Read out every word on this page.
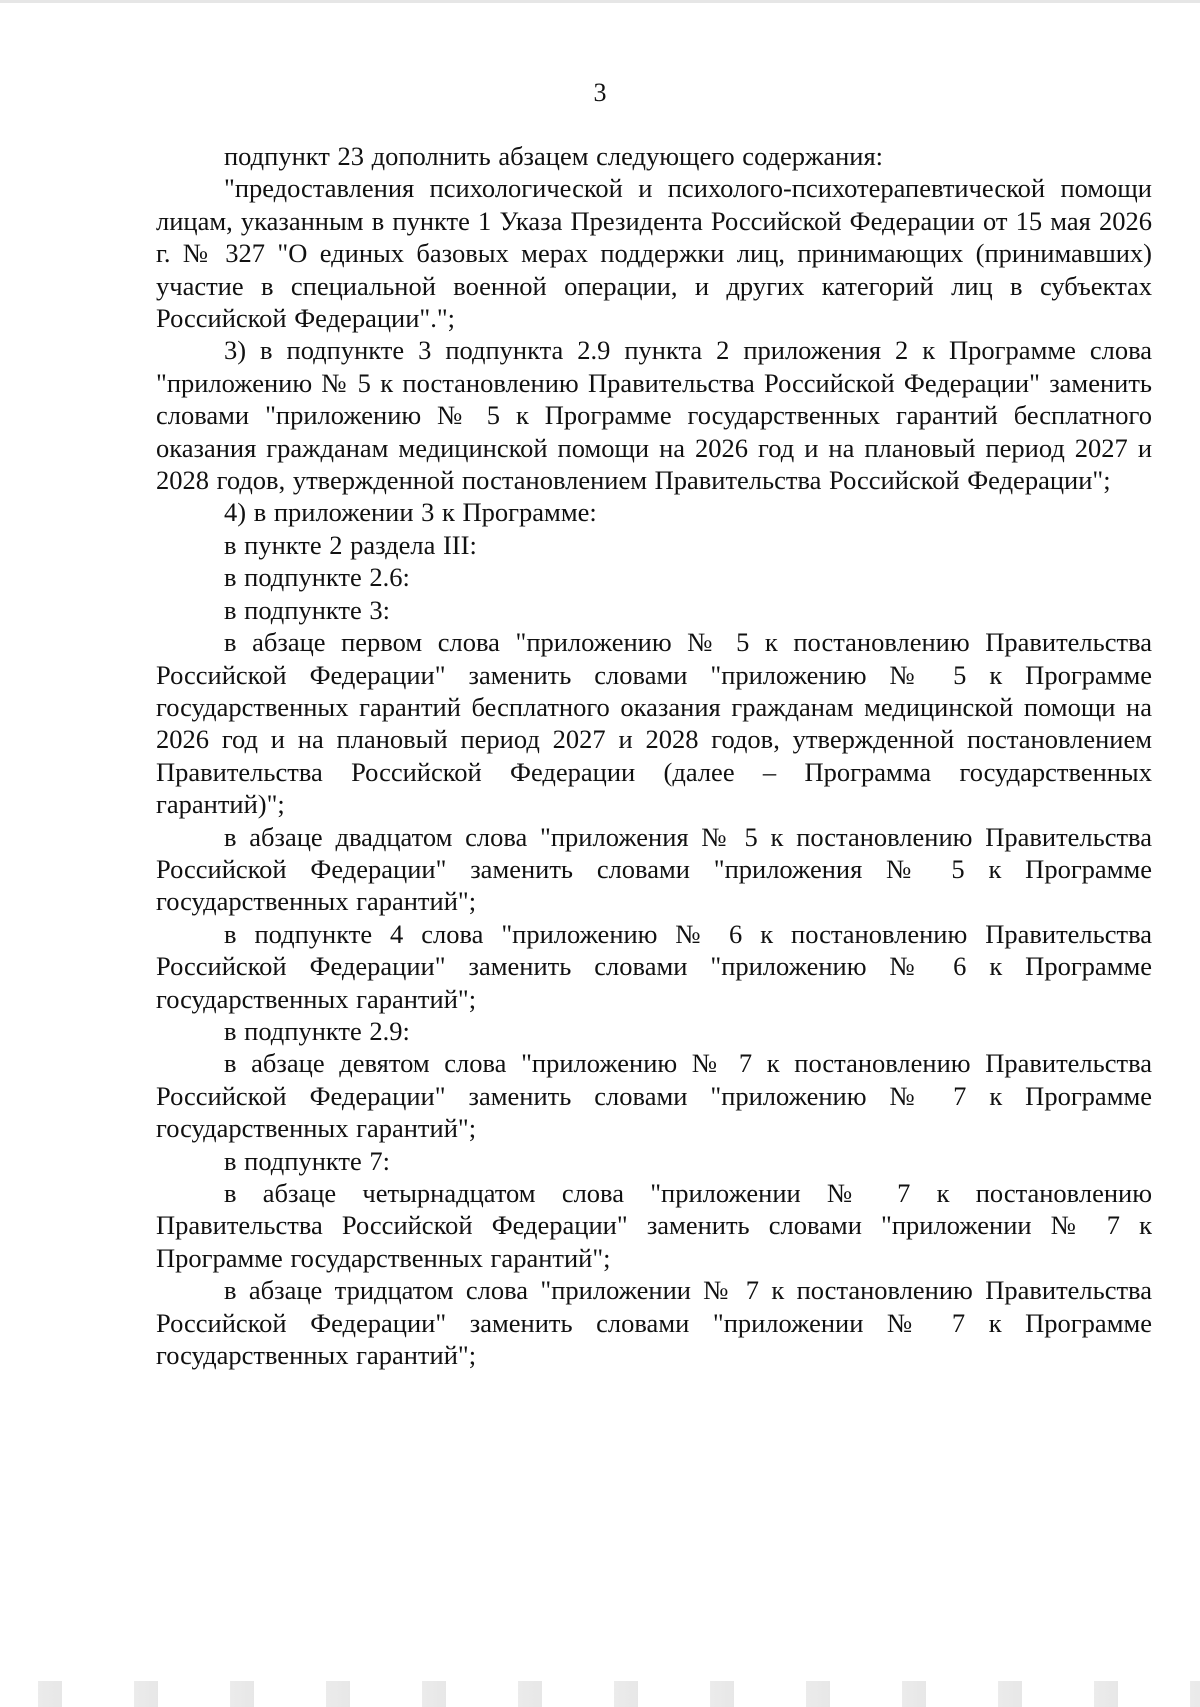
3

подпункт 23 дополнить абзацем следующего содержания:

"предоставления психологической и психолого-психотерапевтической помощи лицам, указанным в пункте 1 Указа Президента Российской Федерации от 15 мая 2026 г. № 327 "О единых базовых мерах поддержки лиц, принимающих (принимавших) участие в специальной военной операции, и других категорий лиц в субъектах Российской Федерации".";

3) в подпункте 3 подпункта 2.9 пункта 2 приложения 2 к Программе слова "приложению № 5 к постановлению Правительства Российской Федерации" заменить словами "приложению № 5 к Программе государственных гарантий бесплатного оказания гражданам медицинской помощи на 2026 год и на плановый период 2027 и 2028 годов, утвержденной постановлением Правительства Российской Федерации";

4) в приложении 3 к Программе:

в пункте 2 раздела III:

в подпункте 2.6:

в подпункте 3:

в абзаце первом слова "приложению № 5 к постановлению Правительства Российской Федерации" заменить словами "приложению № 5 к Программе государственных гарантий бесплатного оказания гражданам медицинской помощи на 2026 год и на плановый период 2027 и 2028 годов, утвержденной постановлением Правительства Российской Федерации (далее – Программа государственных гарантий)";

в абзаце двадцатом слова "приложения № 5 к постановлению Правительства Российской Федерации" заменить словами "приложения № 5 к Программе государственных гарантий";

в подпункте 4 слова "приложению № 6 к постановлению Правительства Российской Федерации" заменить словами "приложению № 6 к Программе государственных гарантий";

в подпункте 2.9:

в абзаце девятом слова "приложению № 7 к постановлению Правительства Российской Федерации" заменить словами "приложению № 7 к Программе государственных гарантий";

в подпункте 7:

в абзаце четырнадцатом слова "приложении № 7 к постановлению Правительства Российской Федерации" заменить словами "приложении № 7 к Программе государственных гарантий";

в абзаце тридцатом слова "приложении № 7 к постановлению Правительства Российской Федерации" заменить словами "приложении № 7 к Программе государственных гарантий";
